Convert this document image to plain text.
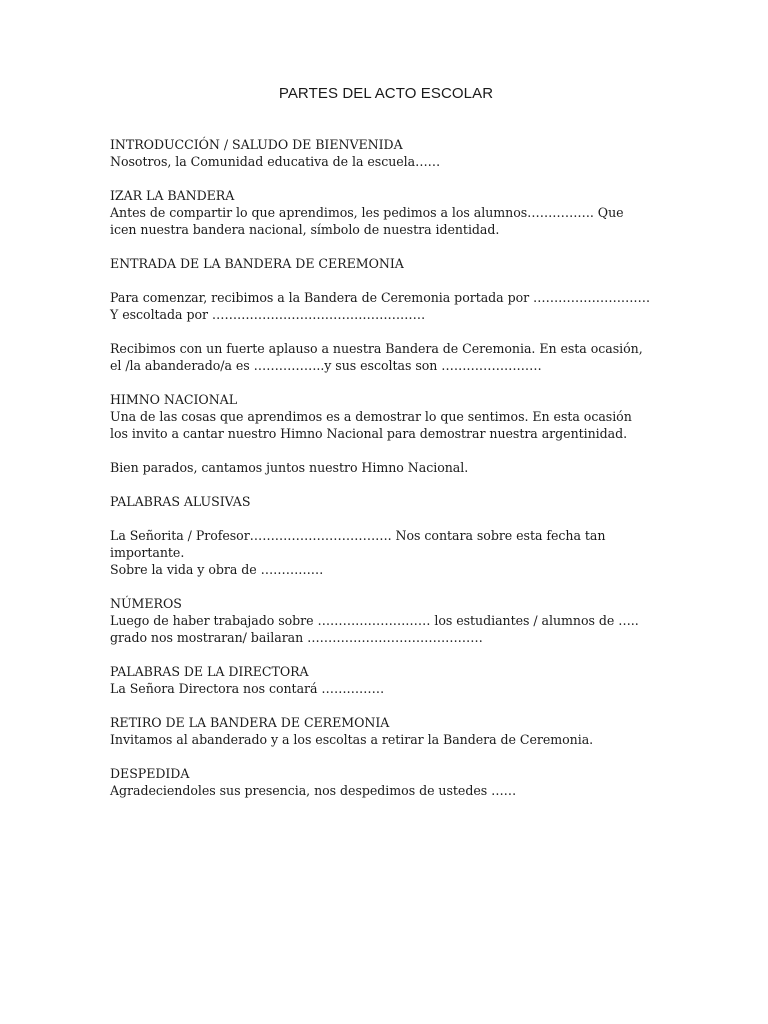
PARTES DEL ACTO ESCOLAR
INTRODUCCIÓN / SALUDO DE BIENVENIDA
Nosotros, la Comunidad educativa de la escuela……
IZAR LA BANDERA
Antes de compartir lo que aprendimos, les pedimos a los alumnos……………. Que
icen nuestra bandera nacional, símbolo de nuestra identidad.
ENTRADA DE LA BANDERA DE CEREMONIA
Para comenzar, recibimos a la Bandera de Ceremonia portada por ……………………….
Y escoltada por ……………………………………………
Recibimos con un fuerte aplauso a nuestra Bandera de Ceremonia. En esta ocasión,
el /la abanderado/a es ……………..y sus escoltas son ……………………
HIMNO NACIONAL
Una de las cosas que aprendimos es a demostrar lo que sentimos. En esta ocasión
los invito a cantar nuestro Himno Nacional para demostrar nuestra argentinidad.
Bien parados, cantamos juntos nuestro Himno Nacional.
PALABRAS ALUSIVAS
La Señorita / Profesor……………………………. Nos contara sobre esta fecha tan
importante.
Sobre la vida y obra de ……………
NÚMEROS
Luego de haber trabajado sobre ……………………… los estudiantes / alumnos de …..
grado nos mostraran/ bailaran ……………………………………
PALABRAS DE LA DIRECTORA
La Señora Directora nos contará ……………
RETIRO DE LA BANDERA DE CEREMONIA
Invitamos al abanderado y a los escoltas a retirar la Bandera de Ceremonia.
DESPEDIDA
Agradeciendoles sus presencia, nos despedimos de ustedes ……
